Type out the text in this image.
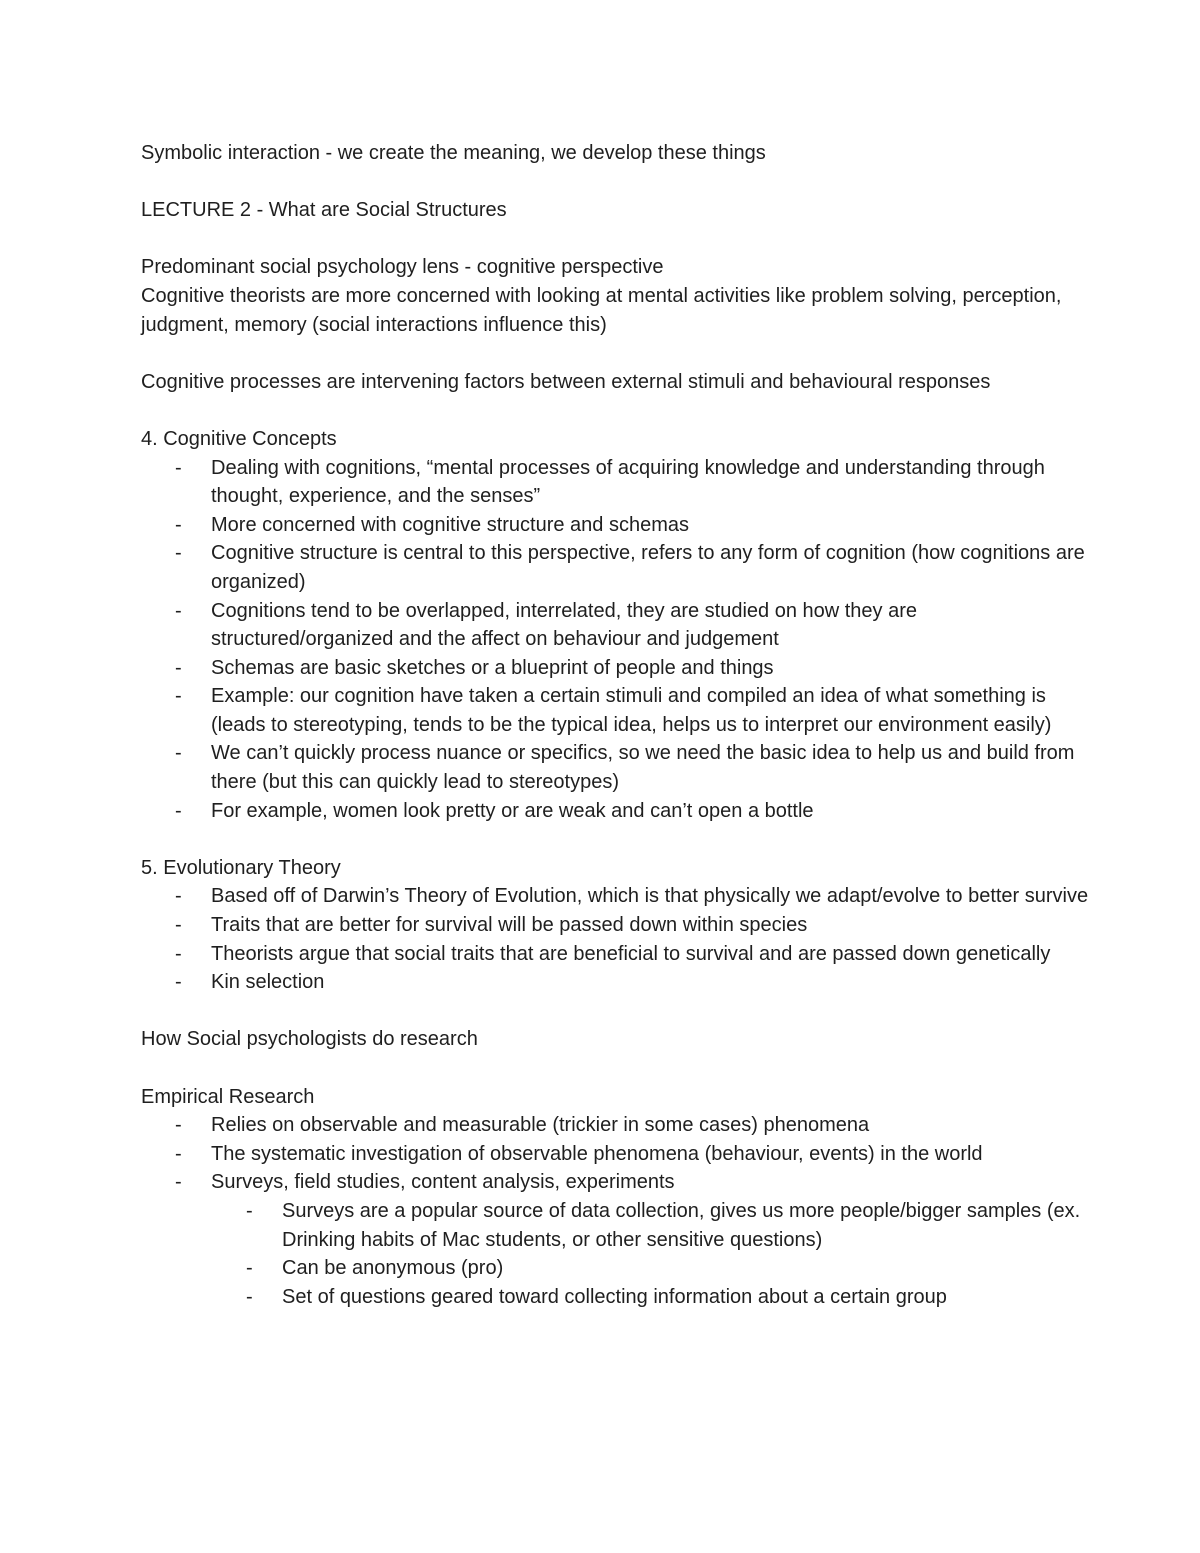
Symbolic interaction - we create the meaning, we develop these things

LECTURE 2 - What are Social Structures

Predominant social psychology lens - cognitive perspective

Cognitive theorists are more concerned with looking at mental activities like problem solving, perception, judgment, memory (social interactions influence this)

Cognitive processes are intervening factors between external stimuli and behavioural responses

4. Cognitive Concepts

- Dealing with cognitions, “mental processes of acquiring knowledge and understanding through thought, experience, and the senses”
- More concerned with cognitive structure and schemas
- Cognitive structure is central to this perspective, refers to any form of cognition (how cognitions are organized)
- Cognitions tend to be overlapped, interrelated, they are studied on how they are structured/organized and the affect on behaviour and judgement
- Schemas are basic sketches or a blueprint of people and things
- Example: our cognition have taken a certain stimuli and compiled an idea of what something is (leads to stereotyping, tends to be the typical idea, helps us to interpret our environment easily)
- We can’t quickly process nuance or specifics, so we need the basic idea to help us and build from there (but this can quickly lead to stereotypes)
- For example, women look pretty or are weak and can’t open a bottle

5. Evolutionary Theory

- Based off of Darwin’s Theory of Evolution, which is that physically we adapt/evolve to better survive
- Traits that are better for survival will be passed down within species
- Theorists argue that social traits that are beneficial to survival and are passed down genetically
- Kin selection

How Social psychologists do research

Empirical Research

- Relies on observable and measurable (trickier in some cases) phenomena
- The systematic investigation of observable phenomena (behaviour, events) in the world
- Surveys, field studies, content analysis, experiments
- Surveys are a popular source of data collection, gives us more people/bigger samples (ex. Drinking habits of Mac students, or other sensitive questions)
- Can be anonymous (pro)
- Set of questions geared toward collecting information about a certain group
